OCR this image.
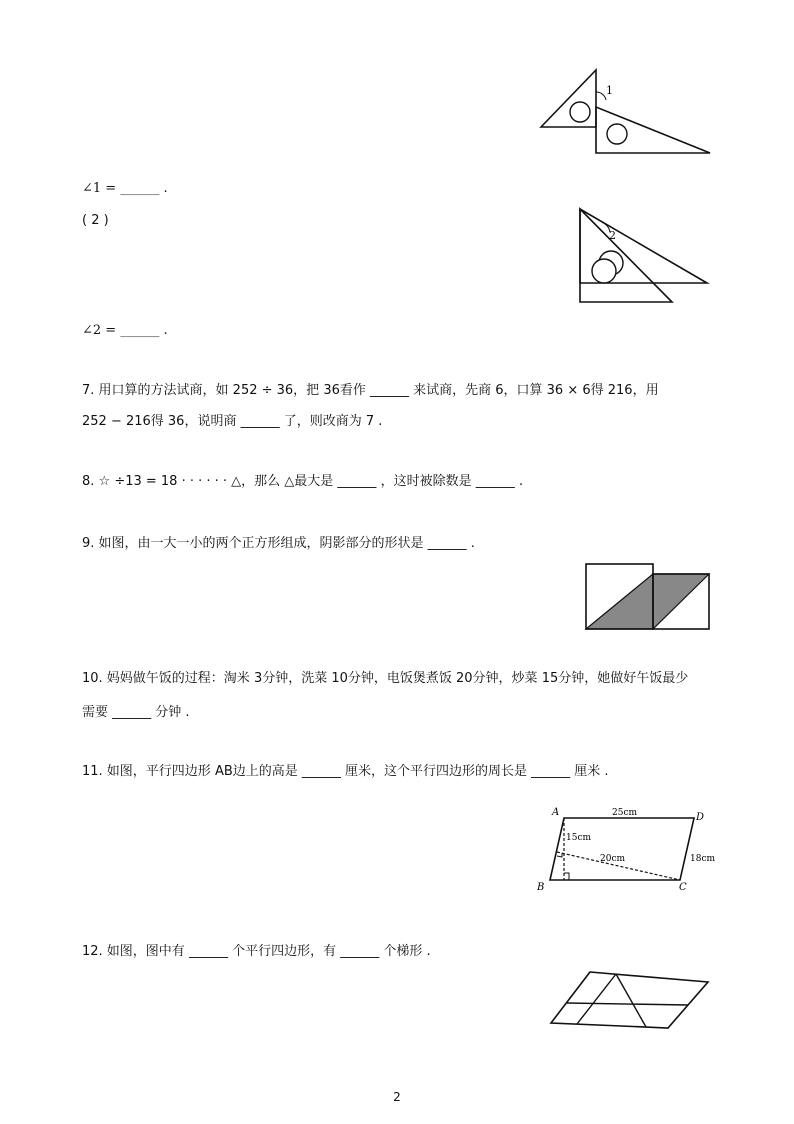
1
∠1 = ______ .
( 2 )
2
∠2 = ______ .
7. 用口算的方法试商，如 252 ÷ 36，把 36看作 ______ 来试商，先商 6，口算 36 × 6得 216，用
252 − 216得 36，说明商 ______ 了，则改商为 7 .
8. ☆ ÷13 = 18 · · · · · · △，那么 △最大是 ______ ，这时被除数是 ______ .
9. 如图，由一大一小的两个正方形组成，阴影部分的形状是 ______ .
10. 妈妈做午饭的过程：淘米 3分钟，洗菜 10分钟，电饭煲煮饭 20分钟，炒菜 15分钟，她做好午饭最少
需要 ______ 分钟 .
11. 如图，平行四边形 AB边上的高是 ______ 厘米，这个平行四边形的周长是 ______ 厘米 .
A	D
B	C
25cm
15cm
20cm	18cm
12. 如图，图中有 ______ 个平行四边形，有 ______ 个梯形 .
2
